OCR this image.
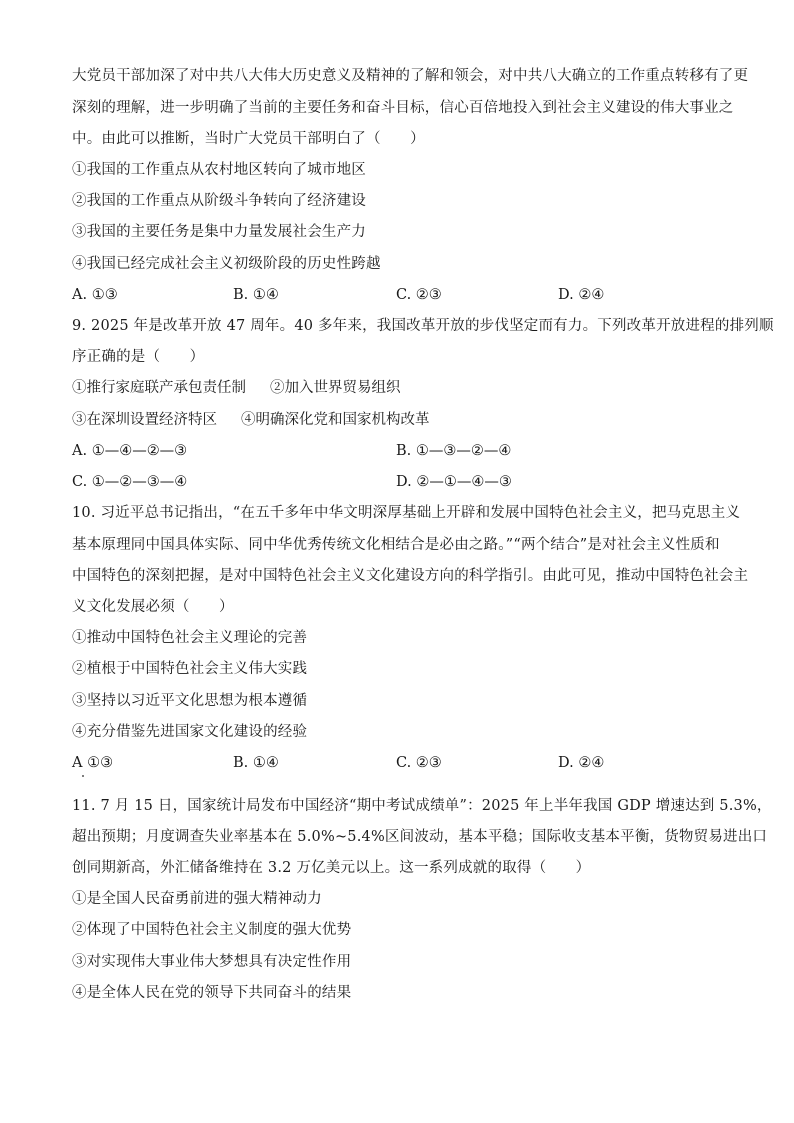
大党员干部加深了对中共八大伟大历史意义及精神的了解和领会，对中共八大确立的工作重点转移有了更
深刻的理解，进一步明确了当前的主要任务和奋斗目标，信心百倍地投入到社会主义建设的伟大事业之
中。由此可以推断，当时广大党员干部明白了（　　）
①我国的工作重点从农村地区转向了城市地区
②我国的工作重点从阶级斗争转向了经济建设
③我国的主要任务是集中力量发展社会生产力
④我国已经完成社会主义初级阶段的历史性跨越
A. ①③	B. ①④	C. ②③	D. ②④
9. 2025 年是改革开放 47 周年。40 多年来，我国改革开放的步伐坚定而有力。下列改革开放进程的排列顺
序正确的是（　　）
①推行家庭联产承包责任制 ②加入世界贸易组织
③在深圳设置经济特区 ④明确深化党和国家机构改革
A. ①—④—②—③	B. ①—③—②—④
C. ①—②—③—④	D. ②—①—④—③
10. 习近平总书记指出，“在五千多年中华文明深厚基础上开辟和发展中国特色社会主义，把马克思主义
基本原理同中国具体实际、同中华优秀传统文化相结合是必由之路。”“两个结合”是对社会主义性质和
中国特色的深刻把握，是对中国特色社会主义文化建设方向的科学指引。由此可见，推动中国特色社会主
义文化发展必须（　　）
①推动中国特色社会主义理论的完善
②植根于中国特色社会主义伟大实践
③坚持以习近平文化思想为根本遵循
④充分借鉴先进国家文化建设的经验
A ①③	B. ①④	C. ②③	D. ②④
11. 7 月 15 日，国家统计局发布中国经济“期中考试成绩单”：2025 年上半年我国 GDP 增速达到 5.3%，
超出预期；月度调查失业率基本在 5.0%~5.4%区间波动，基本平稳；国际收支基本平衡，货物贸易进出口
创同期新高，外汇储备维持在 3.2 万亿美元以上。这一系列成就的取得（　　）
①是全国人民奋勇前进的强大精神动力
②体现了中国特色社会主义制度的强大优势
③对实现伟大事业伟大梦想具有决定性作用
④是全体人民在党的领导下共同奋斗的结果
